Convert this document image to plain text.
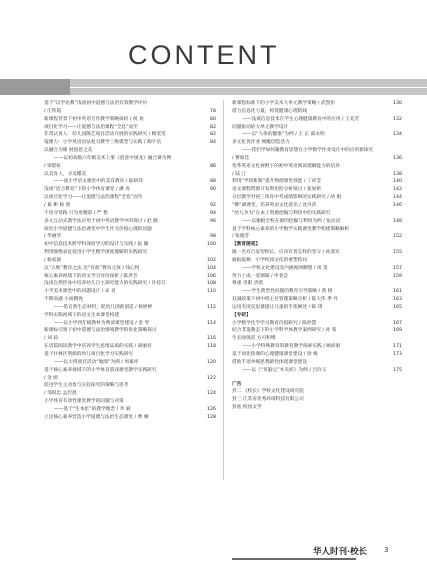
CONTENT
基于“以学论教”浅谈初中道德与法治有效教学评价
/ 庄铁霞	78
新课程背景下初中英语写作教学策略探析 / 祝 欢	80
项目化学习——让道德与法治课程“全息”而至	82
非常认真人：幼儿园陶艺项目活动开展的实践研究 / 顾雯雯	82
镜像力：小学英语语法复习教学三维模型与实践 / 陶宇洁	84
以融合为媒 展创意之美
——以初高级六年级美术上册《创意中国龙》融合课为例
/ 梁影虹	86
以美育人，寻美懂美
——谈小学语文课堂中的美育教育 / 陆妍萍	88
浅谈“适合教育”下的小学体育课堂 / 潘 涛	90
以项目化学习——让道德与法治课程“全息”而至
/ 葛 彬 杨 蕾	92
不畏寻常路 只为更精彩 / 严 艳	94
多元互动式教学法应用于初中英语教学中的探讨 / 赵 静	96
探究小学道德与法治课堂中学生社交价值心理的问题
/ 华丽华	98
初中信息技术跨学科深度学习的设计与实践 / 阮 颖	100
利用图像表征促进小学生数学深度理解的实践研究
/ 杨家骏	102
以“五维”教育之法 达“有痕”教育之效 / 钱心悦	104
核心素养视域下的语文学习评价探析 / 陈洪芳	106
浅谈自然热身中培养幼儿自主探究能力的实践研究 / 许持芬	108
小学美术课堂中的问题设计 / 宋 君	110
不期而遇 小而精致
——借自然生态材料，促幼儿创新创造 / 杨婷婷	112
学科实践视域下的语文生本课堂构建
——以小学四年级教材为例谈课堂建设 / 金 琴	114
新课标引领下初中道德与法治情境教学的优化策略探讨
/ 刘 莉	116
在语篇阅读教学中培养学生思维品质的实践 / 胡丽君	118
基于扑林区资源的幼儿项目化学习实践研究
——以大班项目活动“地图”为例 / 周素祥	120
基于核心素养视域下的小学体育游戏课堂教学实践研究
/ 金 鸥	122
促进学生主动参与实验探究的策略与思考
/ 邹锐忠 孟层晨	124
小学体育有效性课堂教学的问题与对策
——基于“生本化”的教学理念 / 李 斌	126
立足核心素养营造小学道德与法治生态课堂 / 曹 琳	128
新课程标准下的小学美术大单元教学策略 / 武凯彤	130
借力信息化力量，构筑健康心理防线
——浅谈信息技术在学生心理健康教育中的应用 / 王美芳	132
问题驱动的大单元教学设计
——以“人体的健康”为例 / 王 正 邵永明	134
多元化优作业 唤醒创造活力
——我们学如何趣教育思想在小学数学作业设计中的应用新探究
/ 曹蔡佳	136
变革英语文化视野下的初中英语阅读理解能力的培养
/ 陆 汀	138
利用“学捞新频”提升物理课堂效能 / 丁祥莹	140
语文课程资源开发利用的分析探讨 / 张加铭	142
分层教学对初三体育中考成绩影响的实践研究 / 胡 娟	144
“佛”调课堂，培养英语文化意识 / 沈丹萍	146
“幼儿争为”在本土资源挖掘与利用中的实践研究
——以谢板全校在源的挖掘与利用为例 / 张论语	148
基于学科核心素养的小学数学实践课堂教学构建策略解析
/ 张晓芳	152
【教育随笔】
做一名有自家型校长，应该有着怎样的坚守 / 孙翡军	155
通报报修：小学校园文化的重塑轶问
——学校文化建设及内涵视网聊想 / 谈 雯	157
努力上成一宽钢凝 / 申春芸	159
尊重 责职 责着
——学生典型性问题的教育引导策略 / 黄 椅	161
双减政策下初中班主任管理策略分析 / 陈大伟 季 丹	163
运用杰度反思课提让儿童的手指阐述 / 陈 琪	165
【专研】
小学数学化学学习教育价值研究 / 陈妙慧	167
结合非遗教态下的小学科学体教学案例研究 / 孙 希	169
生长绿保活 方可积继
——小学特殊教育的教育教学探索实践 / 顾尚娟	171
基于项化指课的心理健康课堂建设 / 徐 梅	173
借助手语单细思想路性体现课堂建设
——以《“亚脑豆”木头桩》为例 / 吕玲玉	175
广告
封二 《校长》学校文化建设研究院
封三 江苏省优秀环境科技有限公司
封底 校园文学
华人时刊·校长 3
